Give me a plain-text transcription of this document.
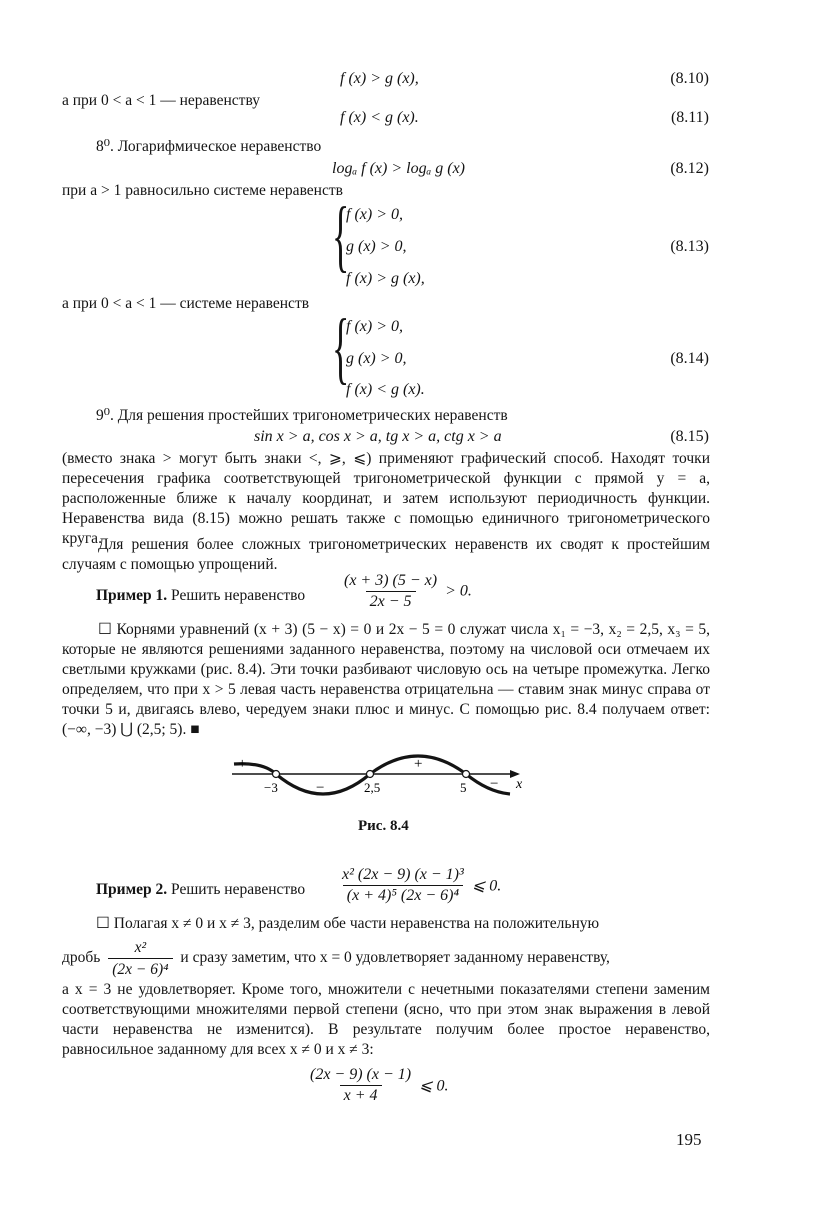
f (x) > g (x),	(8.10)
а при 0 < a < 1 — неравенству
f (x) < g (x).	(8.11)
8⁰. Логарифмическое неравенство
logₐ f (x) > logₐ g (x)	(8.12)
при a > 1 равносильно системе неравенств
{
f (x) > 0,
g (x) > 0,
f (x) > g (x),
(8.13)
а при 0 < a < 1 — системе неравенств
{
f (x) > 0,
g (x) > 0,
f (x) < g (x).
(8.14)
9⁰. Для решения простейших тригонометрических неравенств
sin x > a, cos x > a, tg x > a, ctg x > a	(8.15)
(вместо знака > могут быть знаки <, ⩾, ⩽) применяют графический способ. Находят точки пересечения графика соответствующей тригонометрической функции с прямой y = a, расположенные ближе к началу координат, и затем используют периодичность функции. Неравенства вида (8.15) можно решать также с помощью единичного тригонометрического круга.
Для решения более сложных тригонометрических неравенств их сводят к простейшим случаям с помощью упрощений.
Пример 1. Решить неравенство $\frac{(x + 3) (5 - x)}{2x - 5} > 0$.
☐ Корнями уравнений (x + 3) (5 − x) = 0 и 2x − 5 = 0 служат числа x₁ = −3, x₂ = 2,5, x₃ = 5, которые не являются решениями заданного неравенства, поэтому на числовой оси отмечаем их светлыми кружками (рис. 8.4). Эти точки разбивают числовую ось на четыре промежутка. Легко определяем, что при x > 5 левая часть неравенства отрицательна — ставим знак минус справа от точки 5 и, двигаясь влево, чередуем знаки плюс и минус. С помощью рис. 8.4 получаем ответ: (−∞, −3) ⋃ (2,5; 5). ■
+
−
+
−
−3	2,5	5	x
Рис. 8.4
Пример 2. Решить неравенство $\frac{\text{x² (2x − 9) (x − 1)³}}{\text{(x + 4)⁵ (2x − 6)⁴}}$ ⩽ 0.
☐ Полагая x ≠ 0 и x ≠ 3, разделим обе части неравенства на положительную
дробь $\frac{\text{x²}}{\text{(2x − 6)⁴}}$ и сразу заметим, что x = 0 удовлетворяет заданному неравенству,
а x = 3 не удовлетворяет. Кроме того, множители с нечетными показателями степени заменим соответствующими множителями первой степени (ясно, что при этом знак выражения в левой части неравенства не изменится). В результате получим более простое неравенство, равносильное заданному для всех x ≠ 0 и x ≠ 3:
$\frac{(2x - 9) (x - 1)}{x + 4}$ ⩽ 0.
195
